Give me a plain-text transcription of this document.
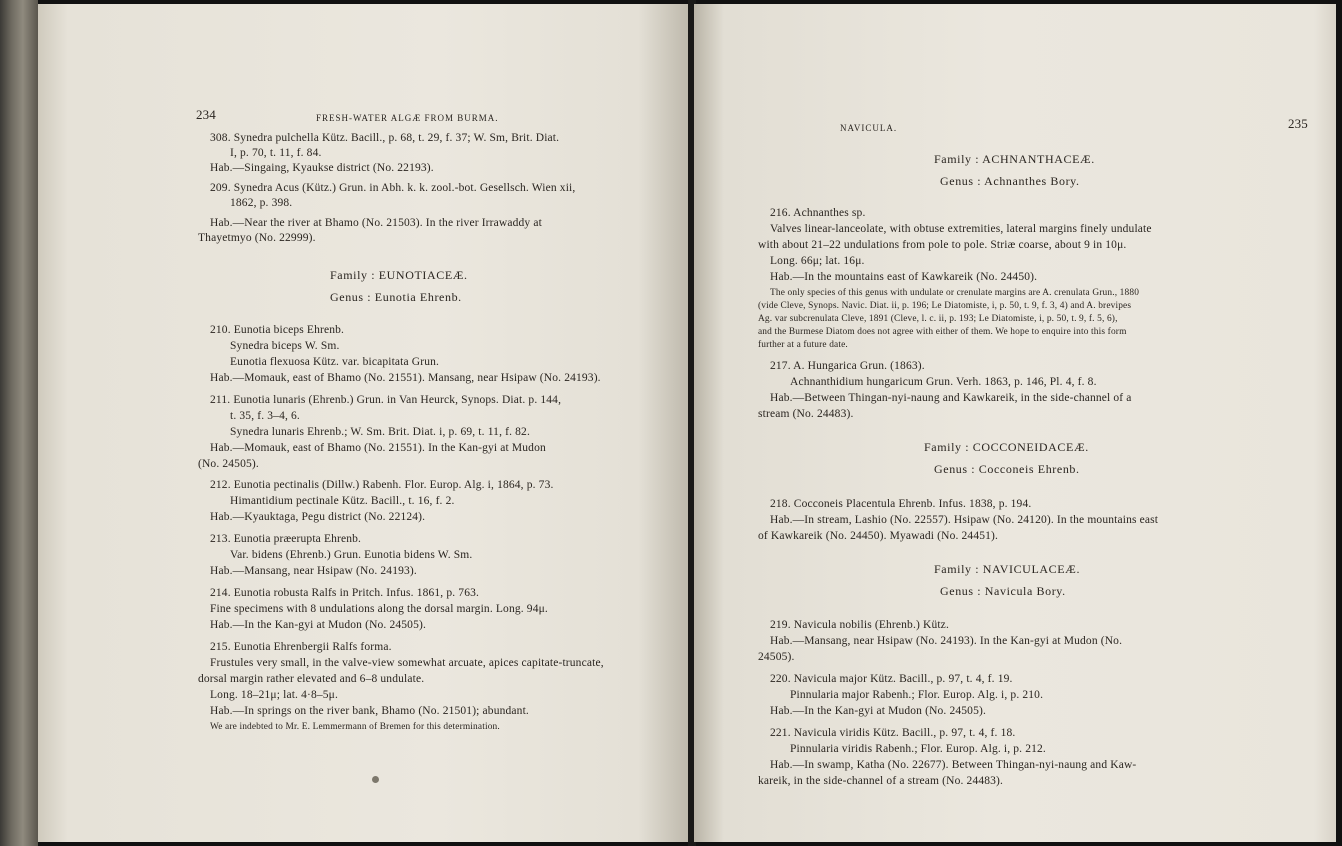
234	FRESH-WATER ALGÆ FROM BURMA.
308. Synedra pulchella Kütz. Bacill., p. 68, t. 29, f. 37; W. Sm, Brit. Diat.
I, p. 70, t. 11, f. 84.
Hab.—Singaing, Kyaukse district (No. 22193).
209. Synedra Acus (Kütz.) Grun. in Abh. k. k. zool.-bot. Gesellsch. Wien xii,
1862, p. 398.
Hab.—Near the river at Bhamo (No. 21503). In the river Irrawaddy at
Thayetmyo (No. 22999).
Family : EUNOTIACEÆ.
Genus : Eunotia Ehrenb.
210. Eunotia biceps Ehrenb.
Synedra biceps W. Sm.
Eunotia flexuosa Kütz. var. bicapitata Grun.
Hab.—Momauk, east of Bhamo (No. 21551). Mansang, near Hsipaw (No. 24193).
211. Eunotia lunaris (Ehrenb.) Grun. in Van Heurck, Synops. Diat. p. 144,
t. 35, f. 3–4, 6.
Synedra lunaris Ehrenb.; W. Sm. Brit. Diat. i, p. 69, t. 11, f. 82.
Hab.—Momauk, east of Bhamo (No. 21551). In the Kan-gyi at Mudon
(No. 24505).
212. Eunotia pectinalis (Dillw.) Rabenh. Flor. Europ. Alg. i, 1864, p. 73.
Himantidium pectinale Kütz. Bacill., t. 16, f. 2.
Hab.—Kyauktaga, Pegu district (No. 22124).
213. Eunotia præerupta Ehrenb.
Var. bidens (Ehrenb.) Grun. Eunotia bidens W. Sm.
Hab.—Mansang, near Hsipaw (No. 24193).
214. Eunotia robusta Ralfs in Pritch. Infus. 1861, p. 763.
Fine specimens with 8 undulations along the dorsal margin. Long. 94μ.
Hab.—In the Kan-gyi at Mudon (No. 24505).
215. Eunotia Ehrenbergii Ralfs forma.
Frustules very small, in the valve-view somewhat arcuate, apices capitate-truncate,
dorsal margin rather elevated and 6–8 undulate.
Long. 18–21μ; lat. 4·8–5μ.
Hab.—In springs on the river bank, Bhamo (No. 21501); abundant.
We are indebted to Mr. E. Lemmermann of Bremen for this determination.
NAVICULA.	235
Family : ACHNANTHACEÆ.
Genus : Achnanthes Bory.
216. Achnanthes sp.
Valves linear-lanceolate, with obtuse extremities, lateral margins finely undulate
with about 21–22 undulations from pole to pole. Striæ coarse, about 9 in 10μ.
Long. 66μ; lat. 16μ.
Hab.—In the mountains east of Kawkareik (No. 24450).
The only species of this genus with undulate or crenulate margins are A. crenulata Grun., 1880
(vide Cleve, Synops. Navic. Diat. ii, p. 196; Le Diatomiste, i, p. 50, t. 9, f. 3, 4) and A. brevipes
Ag. var subcrenulata Cleve, 1891 (Cleve, l. c. ii, p. 193; Le Diatomiste, i, p. 50, t. 9, f. 5, 6),
and the Burmese Diatom does not agree with either of them. We hope to enquire into this form
further at a future date.
217. A. Hungarica Grun. (1863).
Achnanthidium hungaricum Grun. Verh. 1863, p. 146, Pl. 4, f. 8.
Hab.—Between Thingan-nyi-naung and Kawkareik, in the side-channel of a
stream (No. 24483).
Family : COCCONEIDACEÆ.
Genus : Cocconeis Ehrenb.
218. Cocconeis Placentula Ehrenb. Infus. 1838, p. 194.
Hab.—In stream, Lashio (No. 22557). Hsipaw (No. 24120). In the mountains east
of Kawkareik (No. 24450). Myawadi (No. 24451).
Family : NAVICULACEÆ.
Genus : Navicula Bory.
219. Navicula nobilis (Ehrenb.) Kütz.
Hab.—Mansang, near Hsipaw (No. 24193). In the Kan-gyi at Mudon (No.
24505).
220. Navicula major Kütz. Bacill., p. 97, t. 4, f. 19.
Pinnularia major Rabenh.; Flor. Europ. Alg. i, p. 210.
Hab.—In the Kan-gyi at Mudon (No. 24505).
221. Navicula viridis Kütz. Bacill., p. 97, t. 4, f. 18.
Pinnularia viridis Rabenh.; Flor. Europ. Alg. i, p. 212.
Hab.—In swamp, Katha (No. 22677). Between Thingan-nyi-naung and Kaw-
kareik, in the side-channel of a stream (No. 24483).
